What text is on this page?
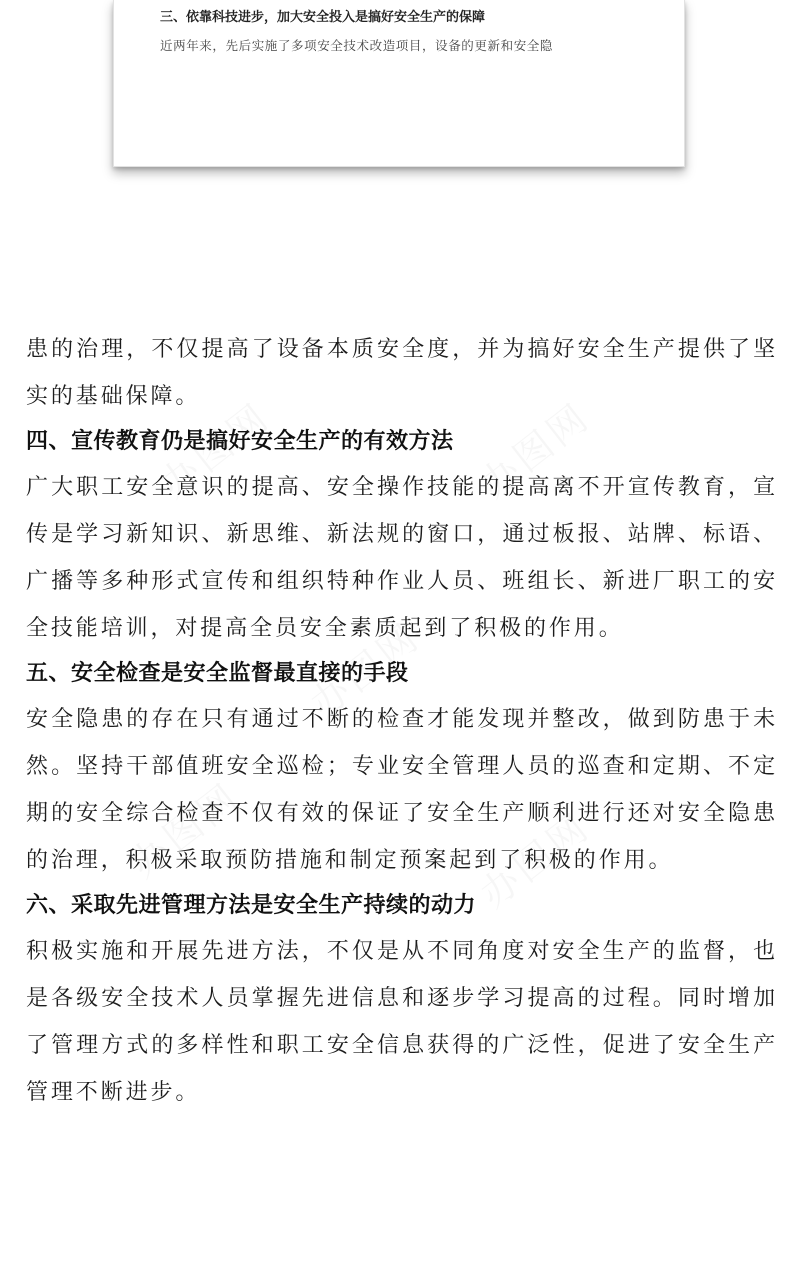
三、依靠科技进步，加大安全投入是搞好安全生产的保障

近两年来，先后实施了多项安全技术改造项目，设备的更新和安全隐

患的治理，不仅提高了设备本质安全度，并为搞好安全生产提供了坚实的基础保障。

四、宣传教育仍是搞好安全生产的有效方法

广大职工安全意识的提高、安全操作技能的提高离不开宣传教育，宣传是学习新知识、新思维、新法规的窗口，通过板报、站牌、标语、广播等多种形式宣传和组织特种作业人员、班组长、新进厂职工的安全技能培训，对提高全员安全素质起到了积极的作用。

五、安全检查是安全监督最直接的手段

安全隐患的存在只有通过不断的检查才能发现并整改，做到防患于未然。坚持干部值班安全巡检；专业安全管理人员的巡查和定期、不定期的安全综合检查不仅有效的保证了安全生产顺利进行还对安全隐患的治理，积极采取预防措施和制定预案起到了积极的作用。

六、采取先进管理方法是安全生产持续的动力

积极实施和开展先进方法，不仅是从不同角度对安全生产的监督，也是各级安全技术人员掌握先进信息和逐步学习提高的过程。同时增加了管理方式的多样性和职工安全信息获得的广泛性，促进了安全生产管理不断进步。
